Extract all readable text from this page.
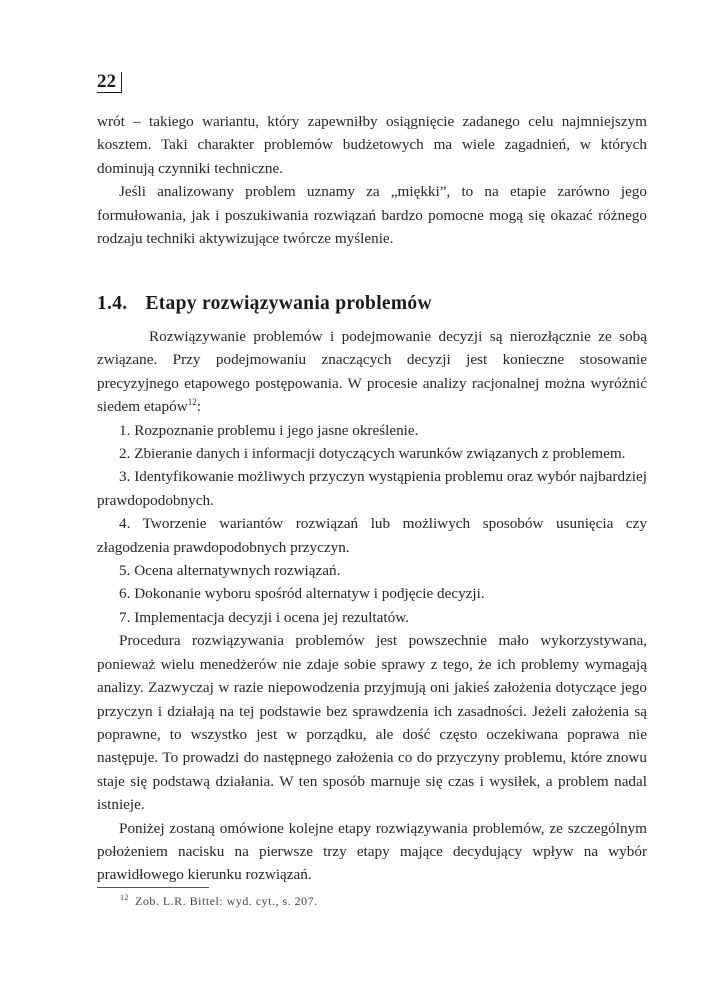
22

wrót – takiego wariantu, który zapewniłby osiągnięcie zadanego celu najmniejszym kosztem. Taki charakter problemów budżetowych ma wiele zagadnień, w których dominują czynniki techniczne.

Jeśli analizowany problem uznamy za „miękki”, to na etapie zarówno jego formułowania, jak i poszukiwania rozwiązań bardzo pomocne mogą się okazać różnego rodzaju techniki aktywizujące twórcze myślenie.

1.4. Etapy rozwiązywania problemów

Rozwiązywanie problemów i podejmowanie decyzji są nierozłącznie ze sobą związane. Przy podejmowaniu znaczących decyzji jest konieczne stosowanie precyzyjnego etapowego postępowania. W procesie analizy racjonalnej można wyróżnić siedem etapów$^{12}$:

1. Rozpoznanie problemu i jego jasne określenie.

2. Zbieranie danych i informacji dotyczących warunków związanych z problemem.

3. Identyfikowanie możliwych przyczyn wystąpienia problemu oraz wybór najbardziej prawdopodobnych.

4. Tworzenie wariantów rozwiązań lub możliwych sposobów usunięcia czy złagodzenia prawdopodobnych przyczyn.

5. Ocena alternatywnych rozwiązań.

6. Dokonanie wyboru spośród alternatyw i podjęcie decyzji.

7. Implementacja decyzji i ocena jej rezultatów.

Procedura rozwiązywania problemów jest powszechnie mało wykorzystywana, ponieważ wielu menedżerów nie zdaje sobie sprawy z tego, że ich problemy wymagają analizy. Zazwyczaj w razie niepowodzenia przyjmują oni jakieś założenia dotyczące jego przyczyn i działają na tej podstawie bez sprawdzenia ich zasadności. Jeżeli założenia są poprawne, to wszystko jest w porządku, ale dość często oczekiwana poprawa nie następuje. To prowadzi do następnego założenia co do przyczyny problemu, które znowu staje się podstawą działania. W ten sposób marnuje się czas i wysiłek, a problem nadal istnieje.

Poniżej zostaną omówione kolejne etapy rozwiązywania problemów, ze szczególnym położeniem nacisku na pierwsze trzy etapy mające decydujący wpływ na wybór prawidłowego kierunku rozwiązań.

$^{12}$ Zob. L.R. Bittel: wyd. cyt., s. 207.
